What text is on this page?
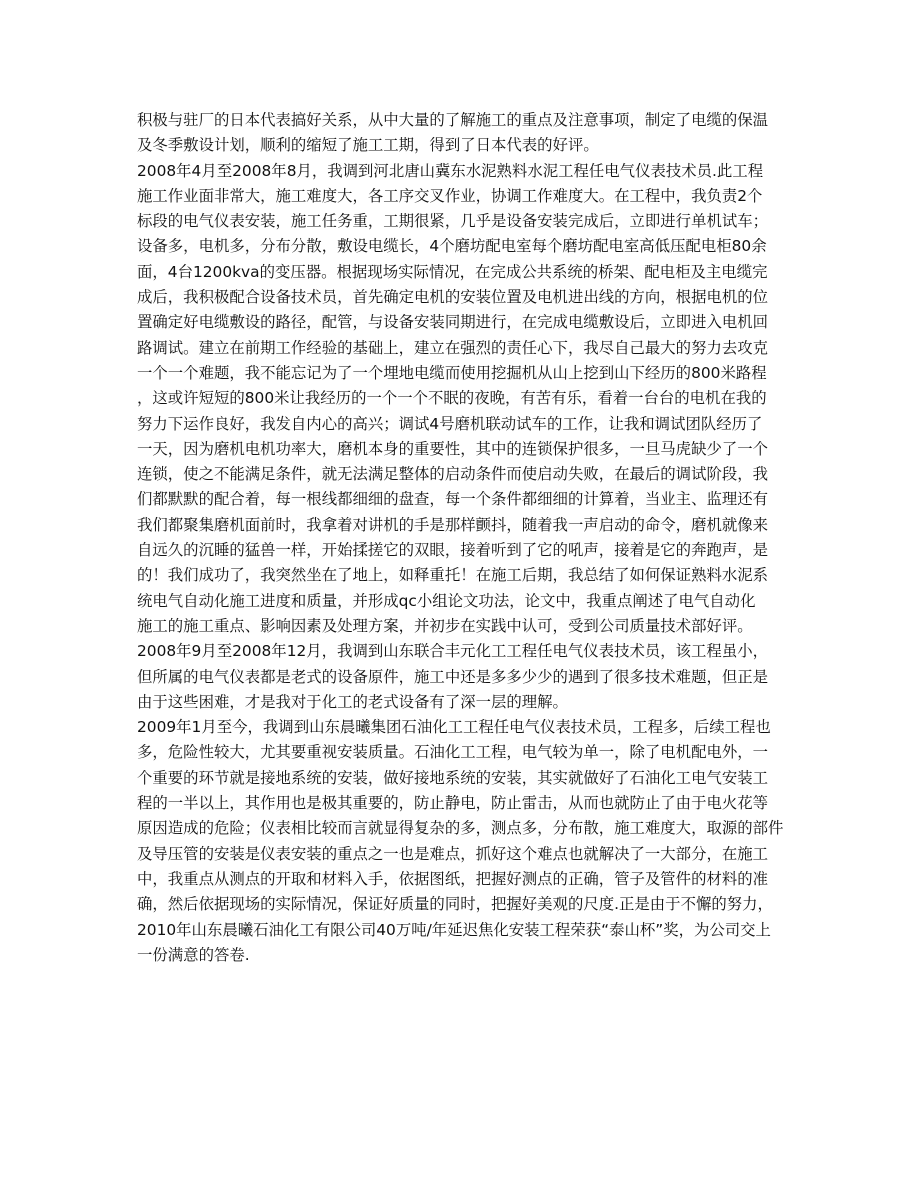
积极与驻厂的日本代表搞好关系，从中大量的了解施工的重点及注意事项，制定了电缆的保温
及冬季敷设计划，顺利的缩短了施工工期，得到了日本代表的好评。
2008年4月至2008年8月，我调到河北唐山冀东水泥熟料水泥工程任电气仪表技术员.此工程
施工作业面非常大，施工难度大，各工序交叉作业，协调工作难度大。在工程中，我负责2个
标段的电气仪表安装，施工任务重，工期很紧，几乎是设备安装完成后，立即进行单机试车；
设备多，电机多，分布分散，敷设电缆长，4个磨坊配电室每个磨坊配电室高低压配电柜80余
面，4台1200kva的变压器。根据现场实际情况，在完成公共系统的桥架、配电柜及主电缆完
成后，我积极配合设备技术员，首先确定电机的安装位置及电机进出线的方向，根据电机的位
置确定好电缆敷设的路径，配管，与设备安装同期进行，在完成电缆敷设后，立即进入电机回
路调试。建立在前期工作经验的基础上，建立在强烈的责任心下，我尽自己最大的努力去攻克
一个一个难题，我不能忘记为了一个埋地电缆而使用挖掘机从山上挖到山下经历的800米路程
，这或许短短的800米让我经历的一个一个不眠的夜晚，有苦有乐，看着一台台的电机在我的
努力下运作良好，我发自内心的高兴；调试4号磨机联动试车的工作，让我和调试团队经历了
一天，因为磨机电机功率大，磨机本身的重要性，其中的连锁保护很多，一旦马虎缺少了一个
连锁，使之不能满足条件，就无法满足整体的启动条件而使启动失败，在最后的调试阶段，我
们都默默的配合着，每一根线都细细的盘查，每一个条件都细细的计算着，当业主、监理还有
我们都聚集磨机面前时，我拿着对讲机的手是那样颤抖，随着我一声启动的命令，磨机就像来
自远久的沉睡的猛兽一样，开始揉搓它的双眼，接着听到了它的吼声，接着是它的奔跑声，是
的！我们成功了，我突然坐在了地上，如释重托！在施工后期，我总结了如何保证熟料水泥系
统电气自动化施工进度和质量，并形成qc小组论文功法，论文中，我重点阐述了电气自动化
施工的施工重点、影响因素及处理方案，并初步在实践中认可，受到公司质量技术部好评。
2008年9月至2008年12月，我调到山东联合丰元化工工程任电气仪表技术员，该工程虽小，
但所属的电气仪表都是老式的设备原件，施工中还是多多少少的遇到了很多技术难题，但正是
由于这些困难，才是我对于化工的老式设备有了深一层的理解。
2009年1月至今，我调到山东晨曦集团石油化工工程任电气仪表技术员，工程多，后续工程也
多，危险性较大，尤其要重视安装质量。石油化工工程，电气较为单一，除了电机配电外，一
个重要的环节就是接地系统的安装，做好接地系统的安装，其实就做好了石油化工电气安装工
程的一半以上，其作用也是极其重要的，防止静电，防止雷击，从而也就防止了由于电火花等
原因造成的危险；仪表相比较而言就显得复杂的多，测点多，分布散，施工难度大，取源的部件
及导压管的安装是仪表安装的重点之一也是难点，抓好这个难点也就解决了一大部分，在施工
中，我重点从测点的开取和材料入手，依据图纸，把握好测点的正确，管子及管件的材料的准
确，然后依据现场的实际情况，保证好质量的同时，把握好美观的尺度.正是由于不懈的努力，
2010年山东晨曦石油化工有限公司40万吨/年延迟焦化安装工程荣获“泰山杯”奖，为公司交上
一份满意的答卷.
